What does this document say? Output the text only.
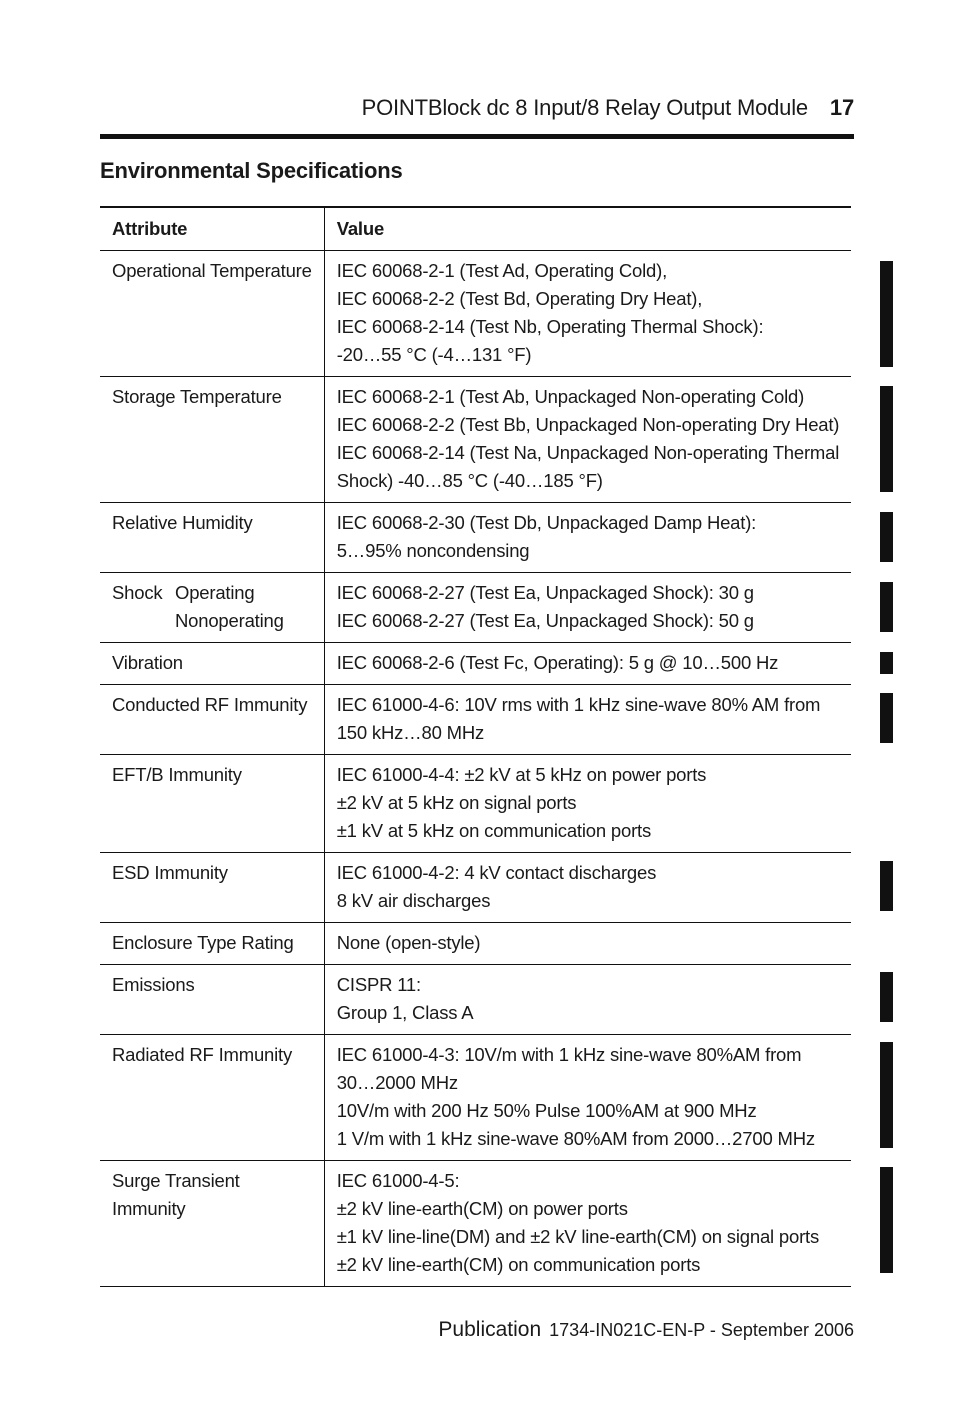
POINTBlock dc 8 Input/8 Relay Output Module 17
Environmental Specifications
Attribute	Value

Operational Temperature	IEC 60068-2-1 (Test Ad, Operating Cold),
IEC 60068-2-2 (Test Bd, Operating Dry Heat),
IEC 60068-2-14 (Test Nb, Operating Thermal Shock):
-20…55 °C (-4…131 °F)

Storage Temperature	IEC 60068-2-1 (Test Ab, Unpackaged Non-operating Cold)
IEC 60068-2-2 (Test Bb, Unpackaged Non-operating Dry Heat)
IEC 60068-2-14 (Test Na, Unpackaged Non-operating Thermal
Shock) -40…85 °C (-40…185 °F)

Relative Humidity	IEC 60068-2-30 (Test Db, Unpackaged Damp Heat):
5…95% noncondensing

Shock Operating
Nonoperating	IEC 60068-2-27 (Test Ea, Unpackaged Shock): 30 g
IEC 60068-2-27 (Test Ea, Unpackaged Shock): 50 g

Vibration	IEC 60068-2-6 (Test Fc, Operating): 5 g @ 10…500 Hz

Conducted RF Immunity	IEC 61000-4-6: 10V rms with 1 kHz sine-wave 80% AM from
150 kHz…80 MHz

EFT/B Immunity	IEC 61000-4-4: ±2 kV at 5 kHz on power ports
±2 kV at 5 kHz on signal ports
±1 kV at 5 kHz on communication ports

ESD Immunity	IEC 61000-4-2: 4 kV contact discharges
8 kV air discharges

Enclosure Type Rating	None (open-style)

Emissions	CISPR 11:
Group 1, Class A

Radiated RF Immunity	IEC 61000-4-3: 10V/m with 1 kHz sine-wave 80%AM from
30…2000 MHz
10V/m with 200 Hz 50% Pulse 100%AM at 900 MHz
1 V/m with 1 kHz sine-wave 80%AM from 2000…2700 MHz

Surge Transient
Immunity	IEC 61000-4-5:
±2 kV line-earth(CM) on power ports
±1 kV line-line(DM) and ±2 kV line-earth(CM) on signal ports
±2 kV line-earth(CM) on communication ports
Publication 1734-IN021C-EN-P - September 2006
